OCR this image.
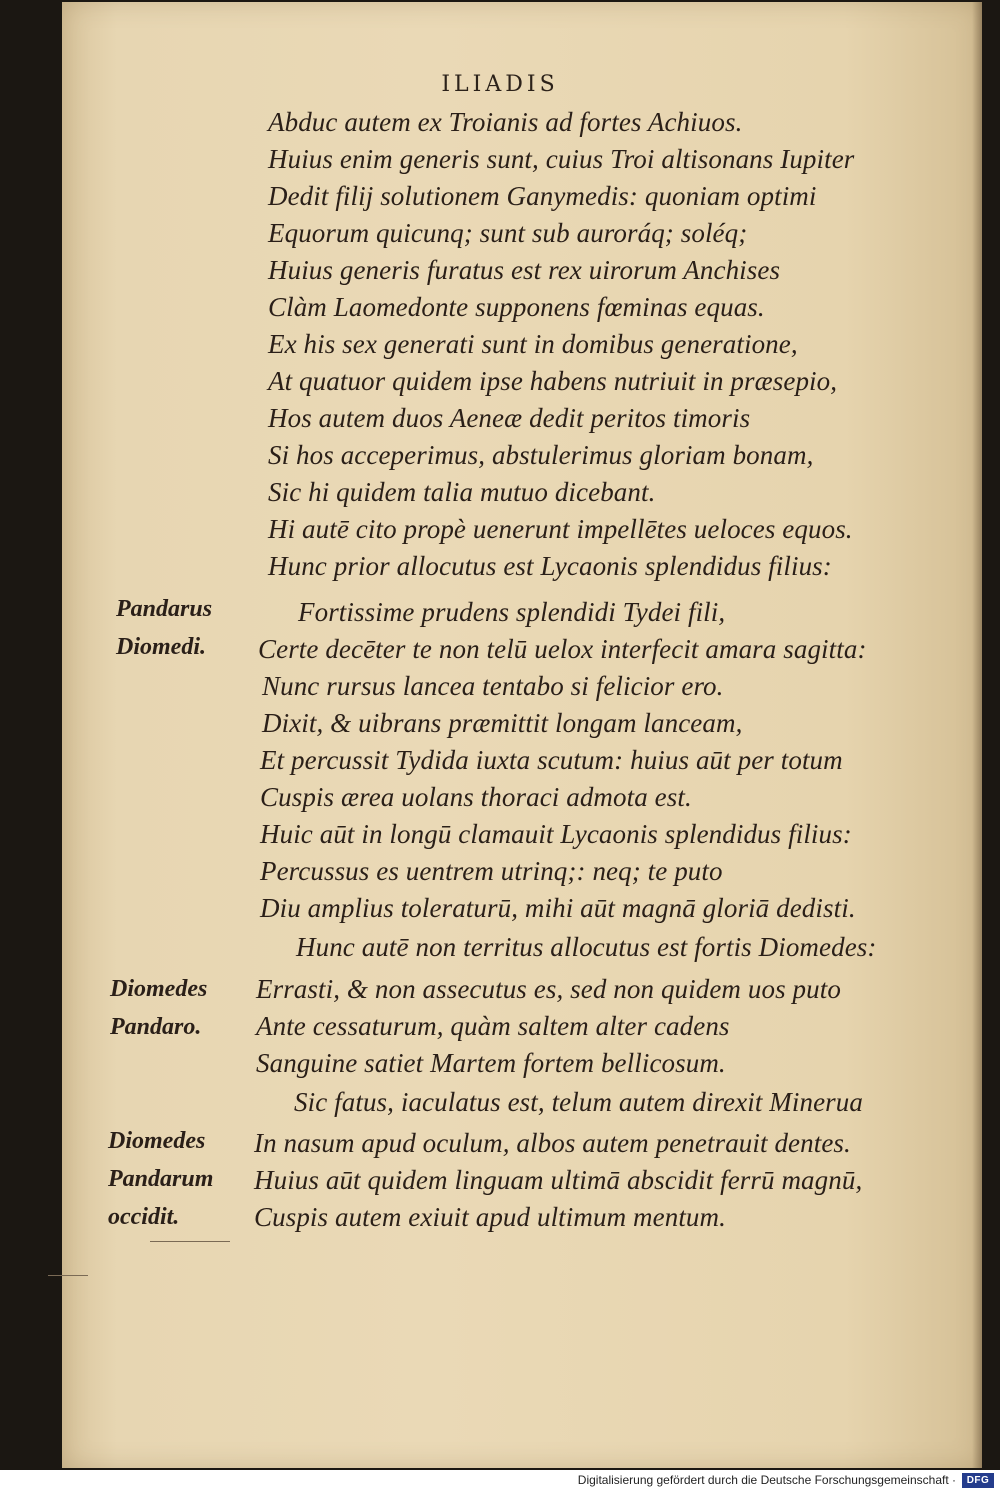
ILIADIS
Abduc autem ex Troianis ad fortes Achiuos.
Huius enim generis sunt, cuius Troi altisonans Iupiter
Dedit filij solutionem Ganymedis: quoniam optimi
Equorum quicunq; sunt sub auroráq; soléq;
Huius generis furatus est rex uirorum Anchises
Clàm Laomedonte supponens fœminas equas.
Ex his sex generati sunt in domibus generatione,
At quatuor quidem ipse habens nutriuit in præsepio,
Hos autem duos Aeneæ dedit peritos timoris
Si hos acceperimus, abstulerimus gloriam bonam,
Sic hi quidem talia mutuo dicebant.
Hi autē cito propè uenerunt impellētes ueloces equos.
Hunc prior allocutus est Lycaonis splendidus filius:
Fortissime prudens splendidi Tydei fili,
Certe decēter te non telū uelox interfecit amara sagitta:
Nunc rursus lancea tentabo si felicior ero.
Dixit, & uibrans præmittit longam lanceam,
Et percussit Tydida iuxta scutum: huius aūt per totum
Cuspis ærea uolans thoraci admota est.
Huic aūt in longū clamauit Lycaonis splendidus filius:
Percussus es uentrem utrinq;: neq; te puto
Diu amplius toleraturū, mihi aūt magnā gloriā dedisti.
Hunc autē non territus allocutus est fortis Diomedes:
Errasti, & non assecutus es, sed non quidem uos puto
Ante cessaturum, quàm saltem alter cadens
Sanguine satiet Martem fortem bellicosum.
Sic fatus, iaculatus est, telum autem direxit Minerua
In nasum apud oculum, albos autem penetrauit dentes.
Huius aūt quidem linguam ultimā abscidit ferrū magnū,
Cuspis autem exiuit apud ultimum mentum.
Pandarus
Diomedi.
Diomedes
Pandaro.
Diomedes
Pandarum
occidit.
Digitalisierung gefördert durch die Deutsche Forschungsgemeinschaft ·	DFG
